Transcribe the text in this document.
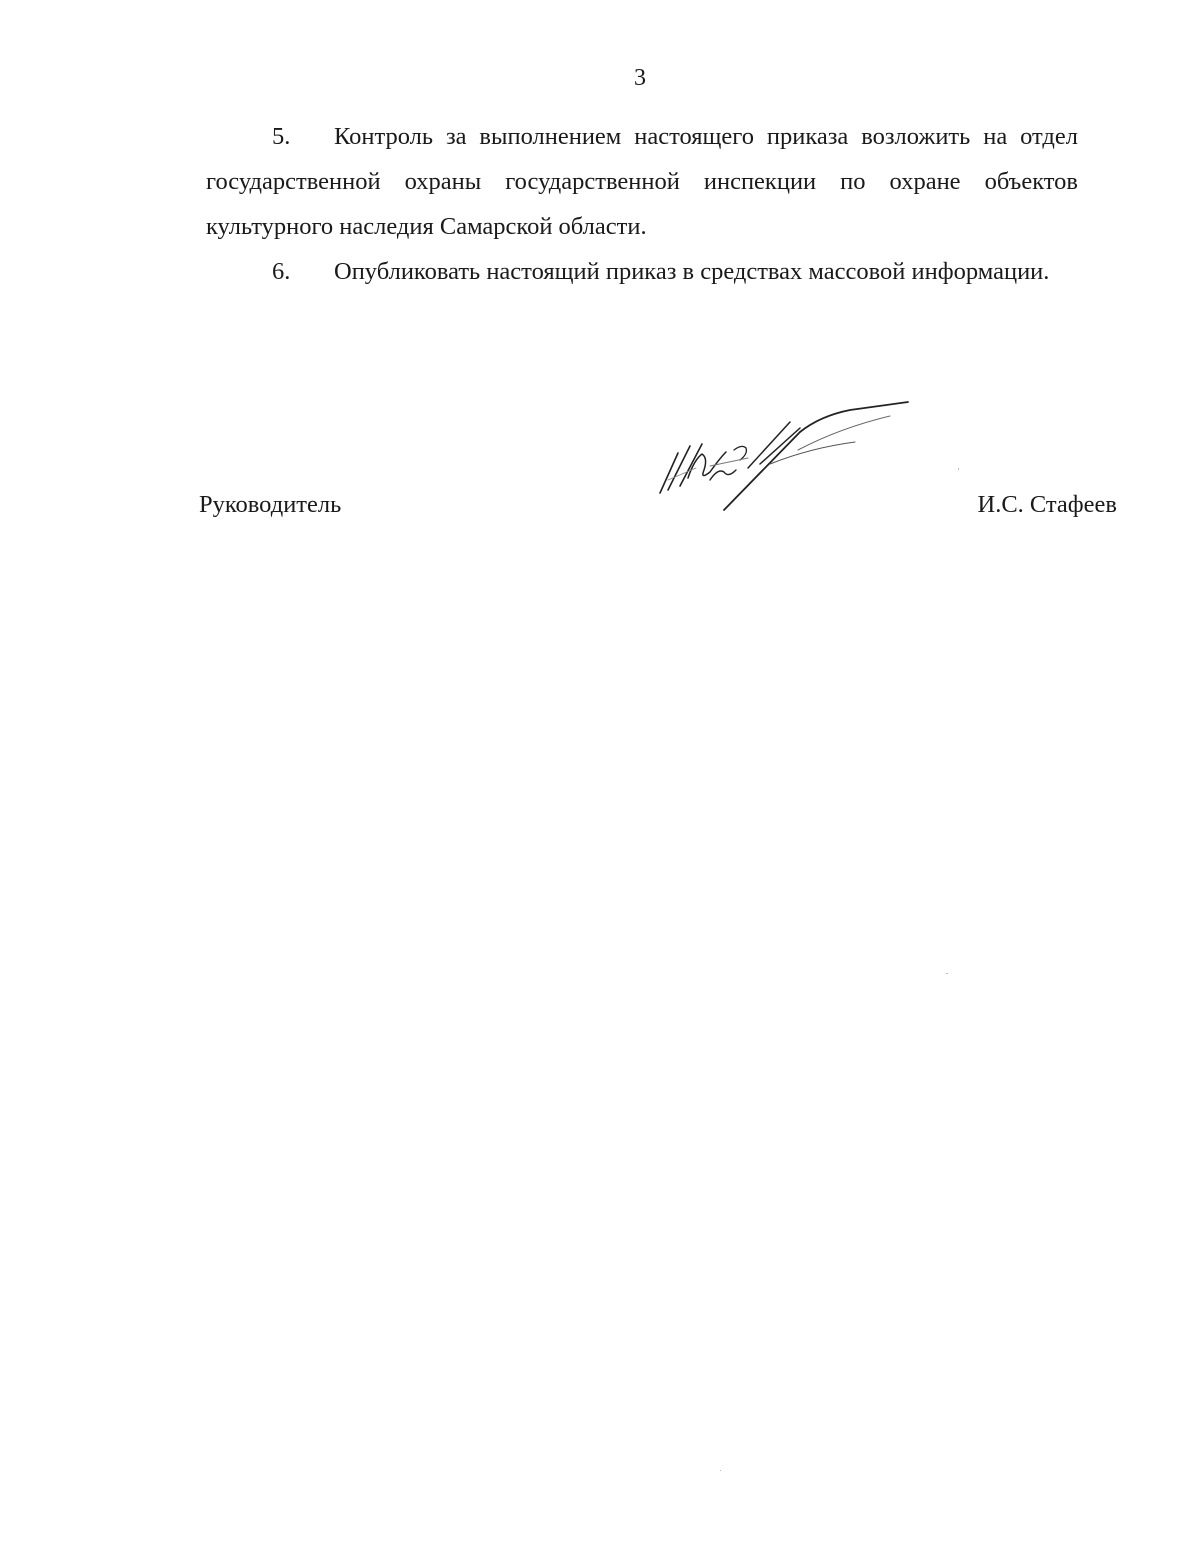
3

5. Контроль за выполнением настоящего приказа возложить на отдел государственной охраны государственной инспекции по охране объектов культурного наследия Самарской области.

6. Опубликовать настоящий приказ в средствах массовой информации.

Руководитель	И.С. Стафеев
